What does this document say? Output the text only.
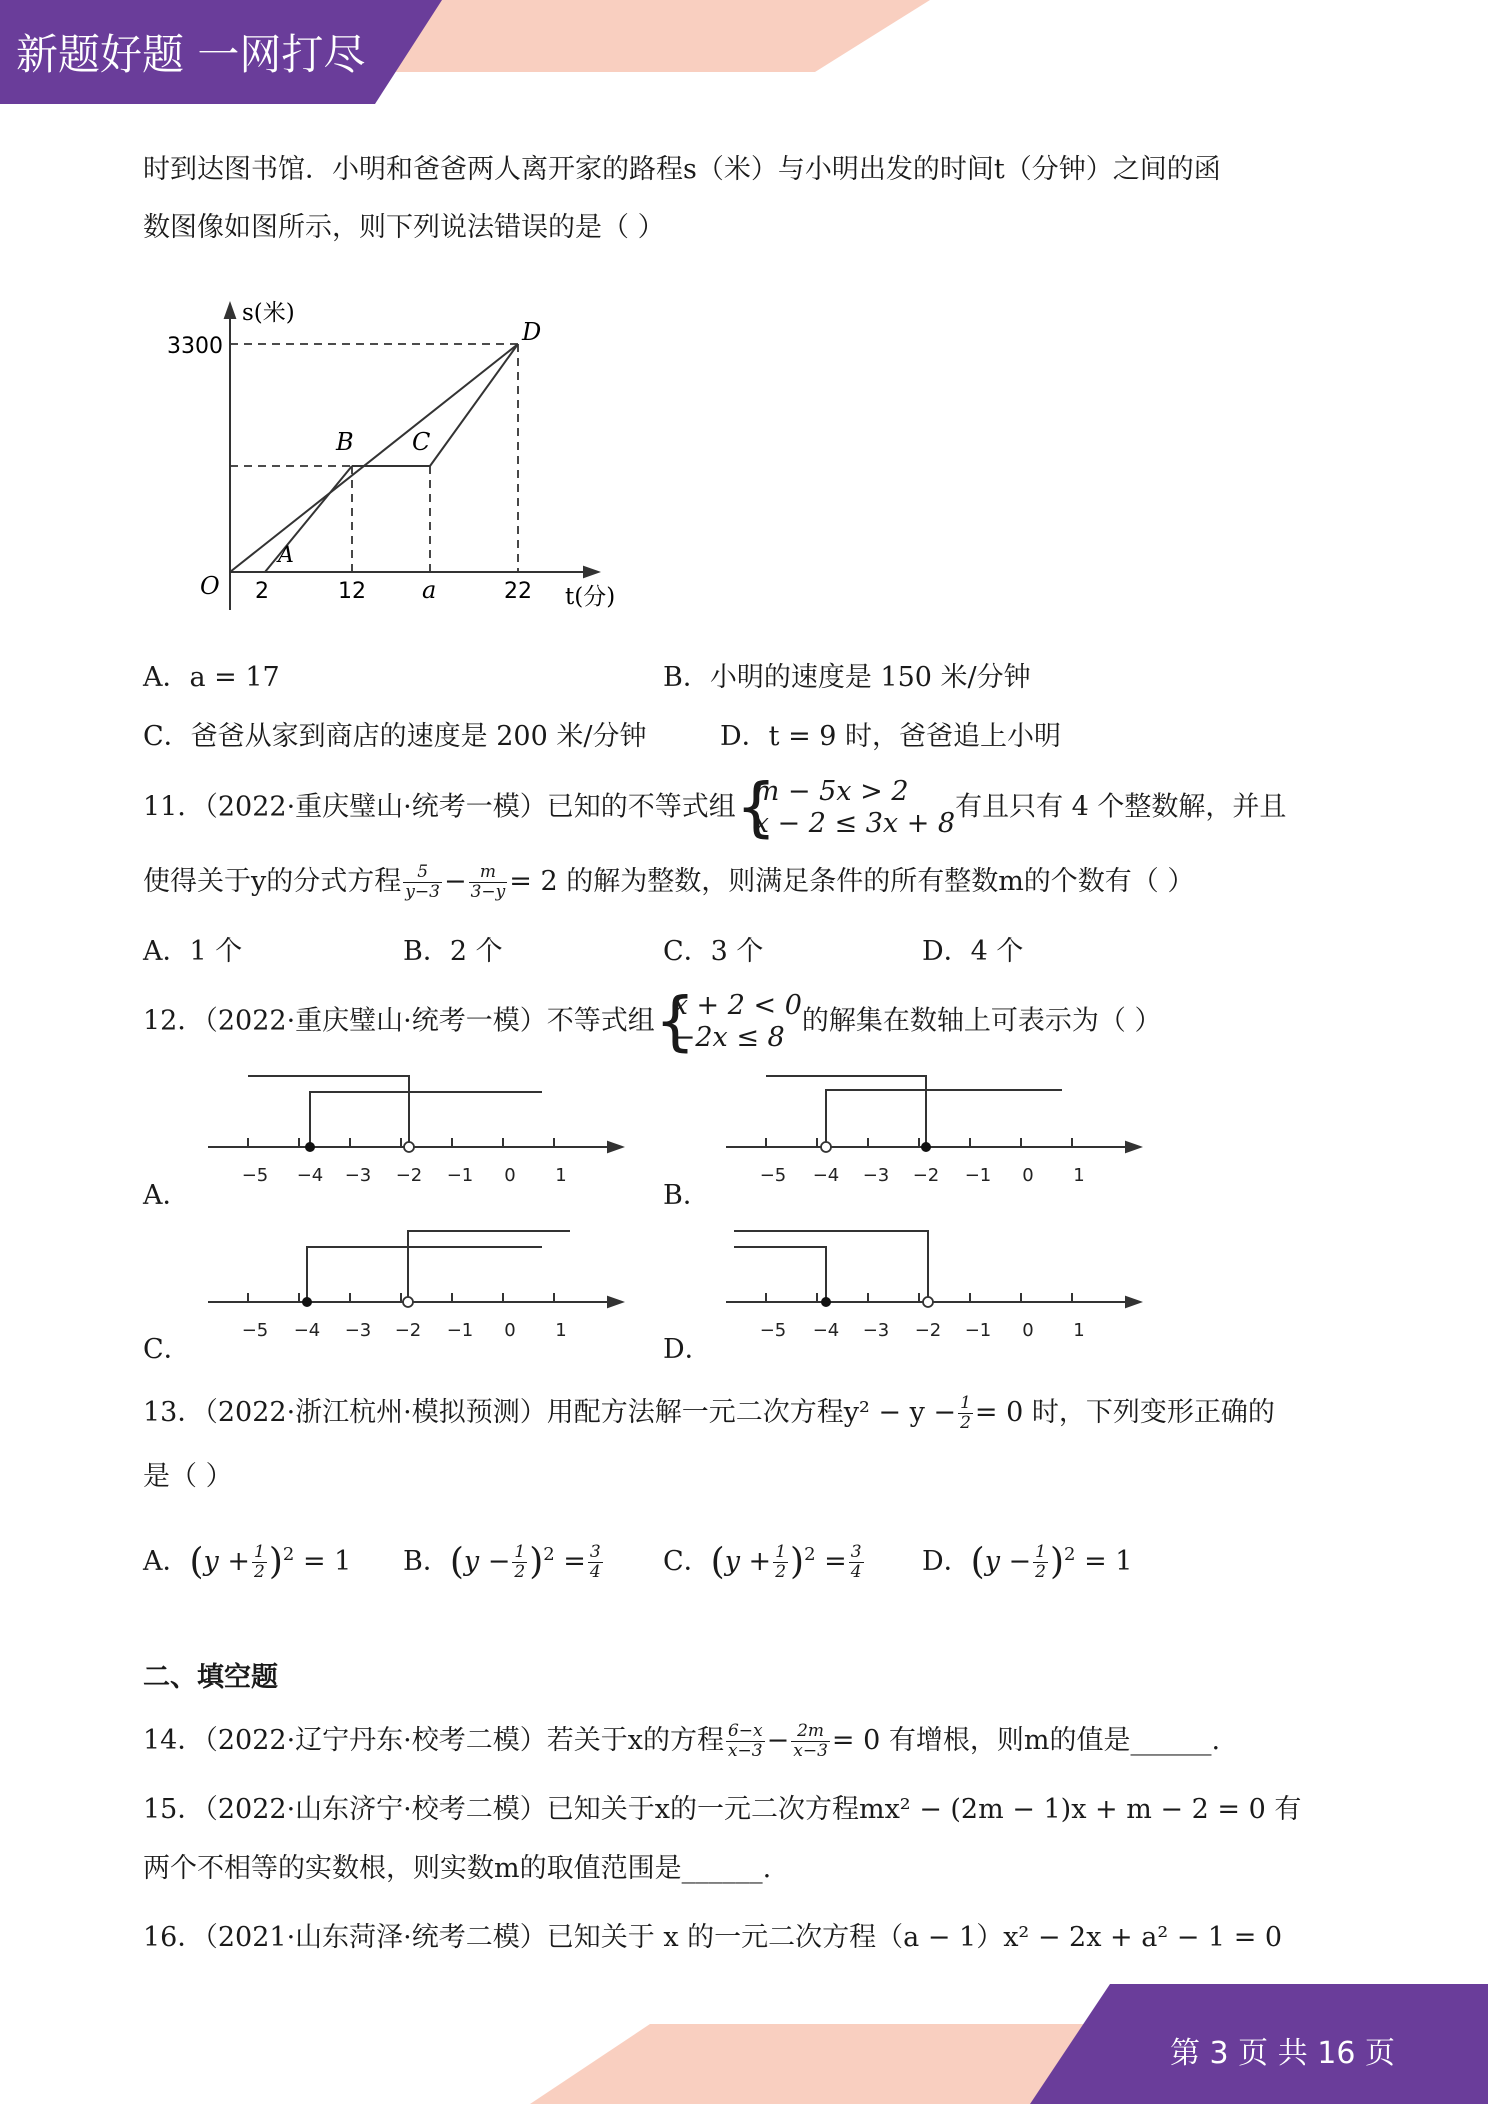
新题好题 一网打尽
时到达图书馆．小明和爸爸两人离开家的路程s（米）与小明出发的时间t（分钟）之间的函
数图像如图所示，则下列说法错误的是（ ）
s(米)
t(分)
3300
O 2	12 a	22
A
B C
D
A．a = 17	B．小明的速度是 150 米/分钟
C．爸爸从家到商店的速度是 200 米/分钟	D．t = 9 时，爸爸追上小明
11．（2022·重庆璧山·统考一模）已知的不等式组 {
m − 5x > 2
x − 2 ≤ 3x + 8
有且只有 4 个整数解，并且
使得关于y的分式方程 $\frac{5}{y-3} - \frac{m}{3-y} = 2$ 的解为整数，则满足条件的所有整数m的个数有（ ）
A．1 个	B．2 个	C．3 个	D．4 个
12．（2022·重庆璧山·统考一模）不等式组 {
x + 2 < 0
−2x ≤ 8
的解集在数轴上可表示为（ ）
A．	B．
C．	D．
−5 −4 −3 −2 −1 0 1	−5 −4 −3 −2 −1 0 1
−5 −4 −3 −2 −1 0 1	−5 −4 −3 −2 −1 0 1
13．（2022·浙江杭州·模拟预测）用配方法解一元二次方程$y^2 - y - \frac{1}{2} = 0$ 时，下列变形正确的
是（ ）
A．$(y + \frac{1}{2} )^2 = 1$ B．$(y - \frac{1}{2} )^2 = \frac{3}{4}$ C．$(y + \frac{1}{2} )^2 = \frac{3}{4}$ D．$(y - \frac{1}{2} )^2 = 1$
二、填空题
14．（2022·辽宁丹东·校考二模）若关于x的方程 $\frac{6-x}{x-3} - \frac{2m}{x-3} = 0$ 有增根，则m的值是______.
15．（2022·山东济宁·校考二模）已知关于x的一元二次方程mx² − (2m − 1)x + m − 2 = 0 有
两个不相等的实数根，则实数m的取值范围是______.
16．（2021·山东菏泽·统考二模）已知关于 x 的一元二次方程（a − 1）x² − 2x + a² − 1 = 0
第 3 页 共 16 页
